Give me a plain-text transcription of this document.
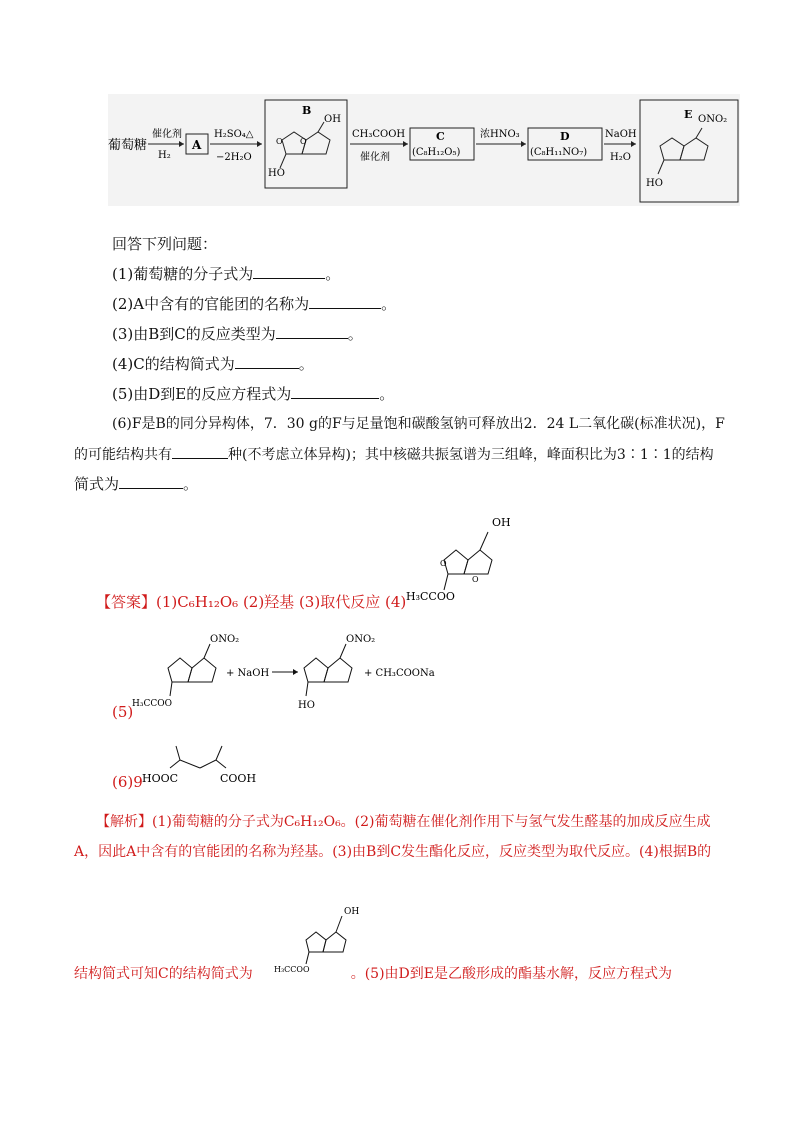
葡萄糖
催化剂
H₂
A
H₂SO₄△
−2H₂O
B
OH
HO
O O
CH₃COOH
催化剂
C
(C₈H₁₂O₅)
浓HNO₃	D
(C₈H₁₁NO₇)
NaOH
H₂O
E ONO₂
HO
回答下列问题：
(1)葡萄糖的分子式为	。
(2)A中含有的官能团的名称为	。
(3)由B到C的反应类型为	。
(4)C的结构简式为	。
(5)由D到E的反应方程式为	。
(6)F是B的同分异构体，7．30 g的F与足量饱和碳酸氢钠可释放出2．24 L二氧化碳(标准状况)，F
的可能结构共有	种(不考虑立体异构)；其中核磁共振氢谱为三组峰，峰面积比为3∶1∶1的结构
简式为	。
【答案】(1)C₆H₁₂O₆ (2)羟基 (3)取代反应 (4)
OH
H₃CCOO
O
O
(5)
ONO₂
H₃CCOO
+ NaOH
ONO₂
HO
+ CH₃COONa
(6)9 HOOC	COOH
【解析】(1)葡萄糖的分子式为C₆H₁₂O₆。(2)葡萄糖在催化剂作用下与氢气发生醛基的加成反应生成
A，因此A中含有的官能团的名称为羟基。(3)由B到C发生酯化反应，反应类型为取代反应。(4)根据B的
结构简式可知C的结构简式为	。(5)由D到E是乙酸形成的酯基水解，反应方程式为
OH
H₃CCOO
